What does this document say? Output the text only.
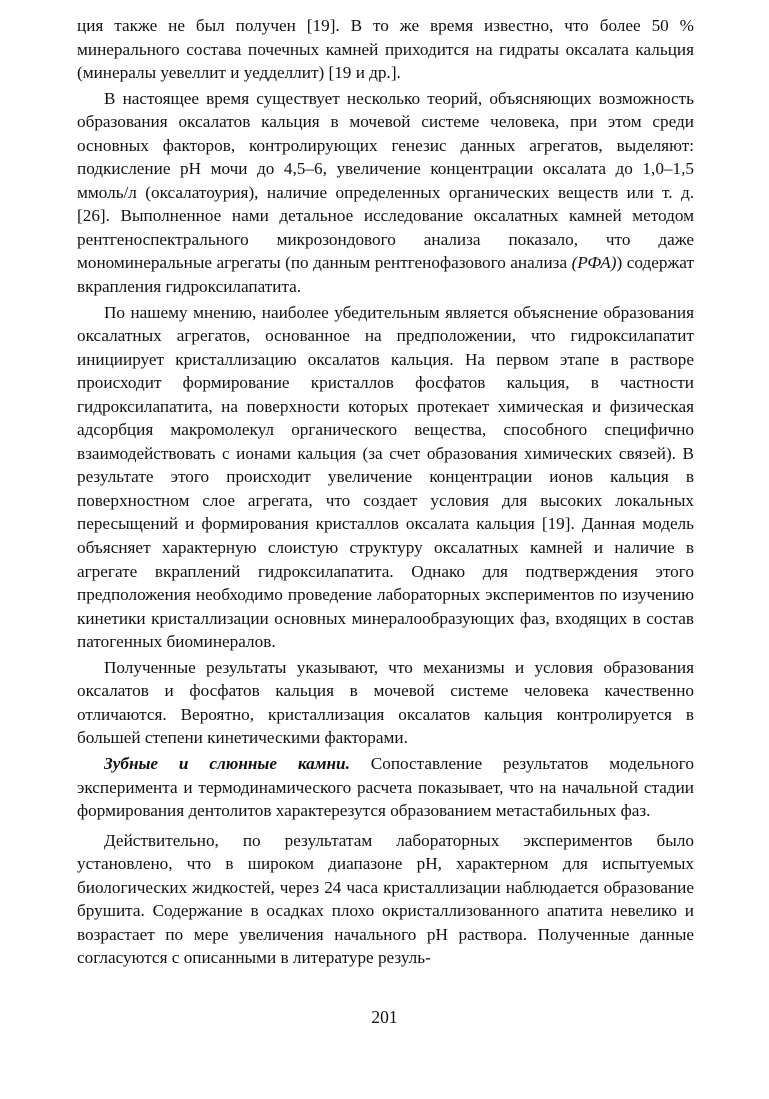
ция также не был получен [19]. В то же время известно, что более 50 % минерального состава почечных камней приходится на гидраты оксалата кальция (минералы уевеллит и уедделлит) [19 и др.].

В настоящее время существует несколько теорий, объясняющих возможность образования оксалатов кальция в мочевой системе человека, при этом среди основных факторов, контролирующих генезис данных агрегатов, выделяют: подкисление рН мочи до 4,5–6, увеличение концентрации оксалата до 1,0–1,5 ммоль/л (оксалатоурия), наличие определенных органических веществ или т. д. [26]. Выполненное нами детальное исследование оксалатных камней методом рентгеноспектрального микрозондового анализа показало, что даже мономинеральные агрегаты (по данным рентгенофазового анализа (РФА)) содержат вкрапления гидроксилапатита.

По нашему мнению, наиболее убедительным является объяснение образования оксалатных агрегатов, основанное на предположении, что гидроксилапатит инициирует кристаллизацию оксалатов кальция. На первом этапе в растворе происходит формирование кристаллов фосфатов кальция, в частности гидроксилапатита, на поверхности которых протекает химическая и физическая адсорбция макромолекул органического вещества, способного специфично взаимодействовать с ионами кальция (за счет образования химических связей). В результате этого происходит увеличение концентрации ионов кальция в поверхностном слое агрегата, что создает условия для высоких локальных пересыщений и формирования кристаллов оксалата кальция [19]. Данная модель объясняет характерную слоистую структуру оксалатных камней и наличие в агрегате вкраплений гидроксилапатита. Однако для подтверждения этого предположения необходимо проведение лабораторных экспериментов по изучению кинетики кристаллизации основных минералообразующих фаз, входящих в состав патогенных биоминералов.

Полученные результаты указывают, что механизмы и условия образования оксалатов и фосфатов кальция в мочевой системе человека качественно отличаются. Вероятно, кристаллизация оксалатов кальция контролируется в большей степени кинетическими факторами.

Зубные и слюнные камни. Сопоставление результатов модельного эксперимента и термодинамического расчета показывает, что на начальной стадии формирования дентолитов характерезутся образованием метастабильных фаз.

Действительно, по результатам лабораторных экспериментов было установлено, что в широком диапазоне рН, характерном для испытуемых биологических жидкостей, через 24 часа кристаллизации наблюдается образование брушита. Содержание в осадках плохо окристаллизованного апатита невелико и возрастает по мере увеличения начального рН раствора. Полученные данные согласуются с описанными в литературе резуль-

201
